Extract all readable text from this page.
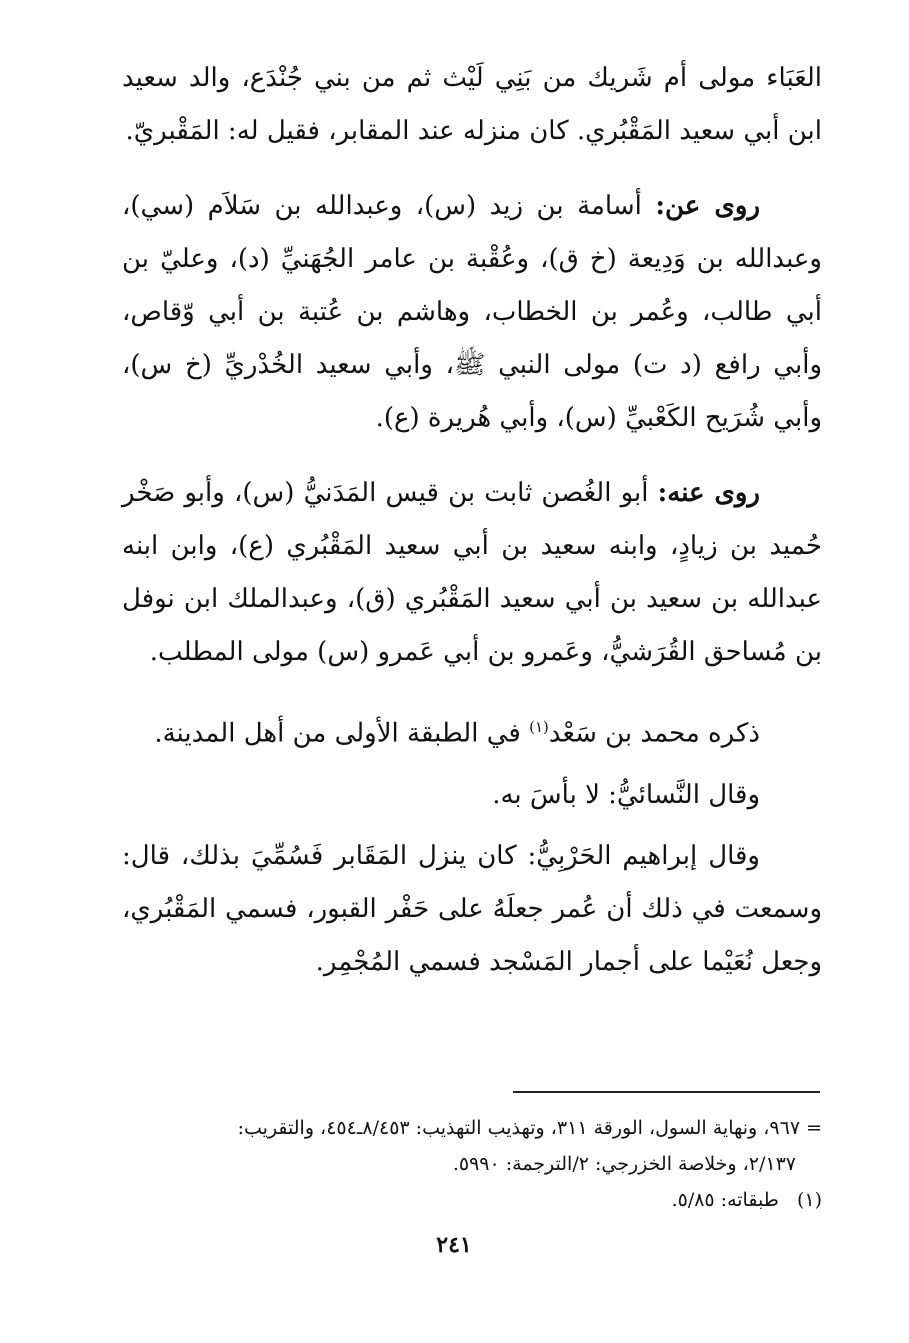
العَبَاء مولى أم شَريك من بَنِي لَيْث ثم من بني جُنْدَع، والد سعيد ابن أبي سعيد المَقْبُري. كان منزله عند المقابر، فقيل له: المَقْبريّ.

روى عن: أسامة بن زيد (س)، وعبدالله بن سَلاَم (سي)، وعبدالله بن وَدِيعة (خ ق)، وعُقْبة بن عامر الجُهَنيِّ (د)، وعليّ بن أبي طالب، وعُمر بن الخطاب، وهاشم بن عُتبة بن أبي وّقاص، وأبي رافع (د ت) مولى النبي ﷺ، وأبي سعيد الخُدْريِّ (خ س)، وأبي شُرَيح الكَعْبيِّ (س)، وأبي هُريرة (ع).

روى عنه: أبو الغُصن ثابت بن قيس المَدَنيُّ (س)، وأبو صَخْر حُميد بن زيادٍ، وابنه سعيد بن أبي سعيد المَقْبُري (ع)، وابن ابنه عبدالله بن سعيد بن أبي سعيد المَقْبُري (ق)، وعبدالملك ابن نوفل بن مُساحق القُرَشيُّ، وعَمرو بن أبي عَمرو (س) مولى المطلب.

ذكره محمد بن سَعْد$^{(١)}$ في الطبقة الأولى من أهل المدينة.

وقال النَّسائيُّ: لا بأسَ به.

وقال إبراهيم الحَرْبِيُّ: كان ينزل المَقَابر فَسُمِّيَ بذلك، قال: وسمعت في ذلك أن عُمر جعلَهُ على حَفْر القبور، فسمي المَقْبُري، وجعل نُعَيْما على أجمار المَسْجد فسمي المُجْمِر.

= ٩٦٧، ونهاية السول، الورقة ٣١١، وتهذيب التهذيب: ٨/٤٥٣ـ٤٥٤، والتقريب:

٢/١٣٧، وخلاصة الخزرجي: ٢/الترجمة: ٥٩٩٠.

(١)   طبقاته: ٥/٨٥.

٢٤١
